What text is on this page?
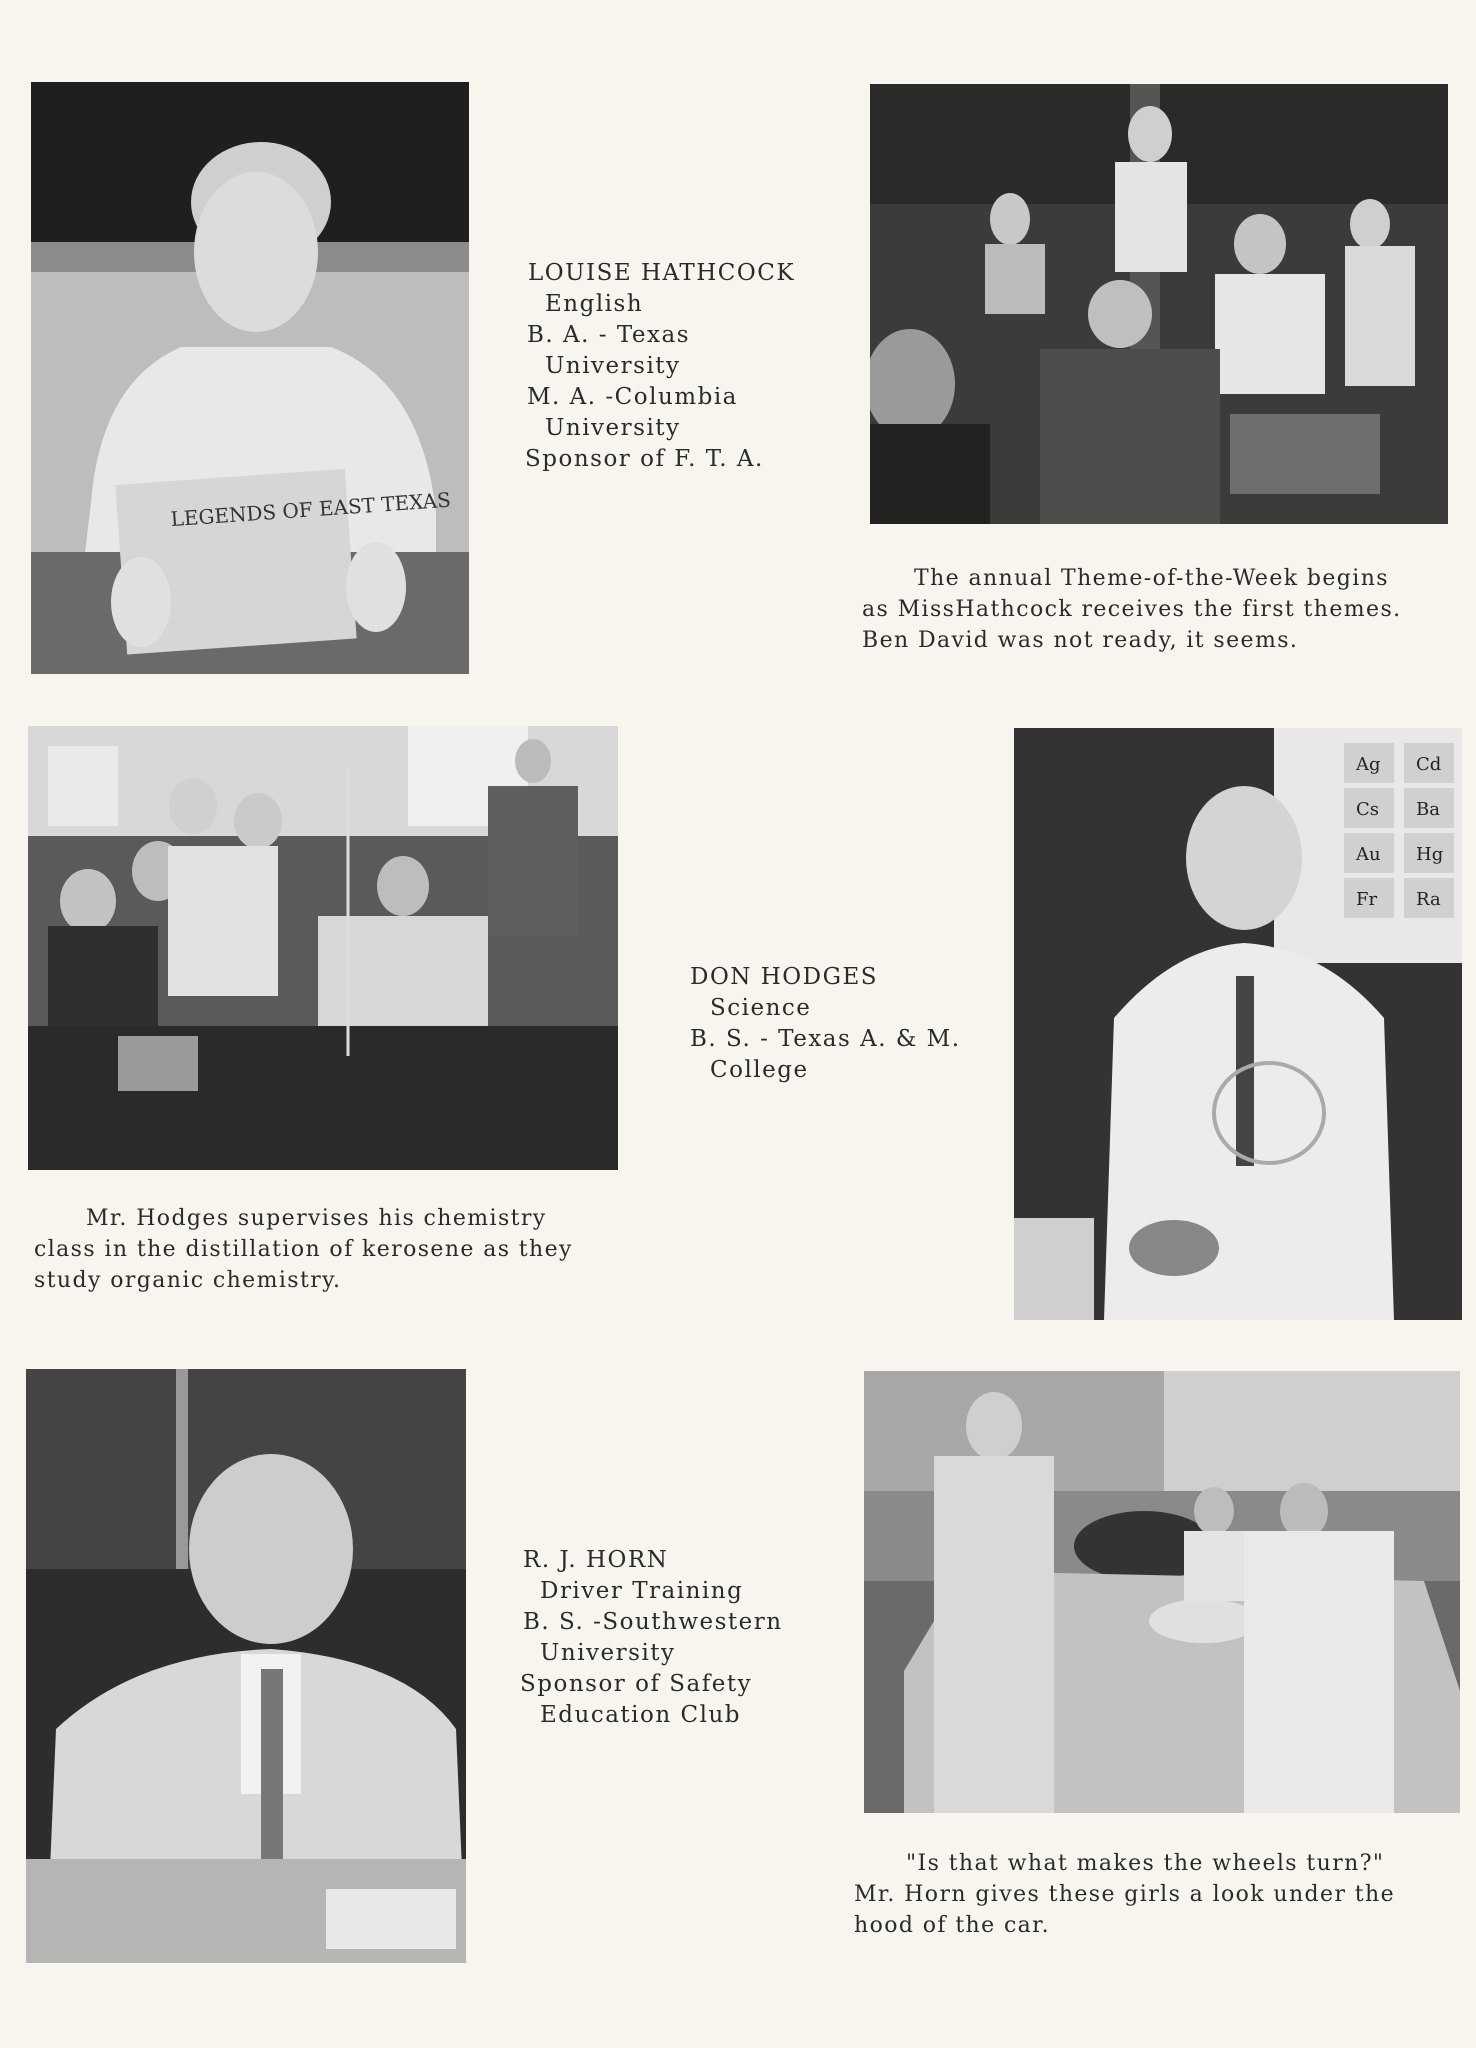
LEGENDS OF EAST TEXAS
LOUISE HATHCOCK
English
B. A. - Texas
University
M. A. -Columbia
University
Sponsor of F. T. A.
The annual Theme-of-the-Week begins
as MissHathcock receives the first themes.
Ben David was not ready, it seems.
DON HODGES
Science
B. S. - Texas A. & M.
College
Ag Cd
Cs Ba
Au Hg
Fr Ra
Mr. Hodges supervises his chemistry
class in the distillation of kerosene as they
study organic chemistry.
R. J. HORN
Driver Training
B. S. -Southwestern
University
Sponsor of Safety
Education Club
"Is that what makes the wheels turn?"
Mr. Horn gives these girls a look under the
hood of the car.
